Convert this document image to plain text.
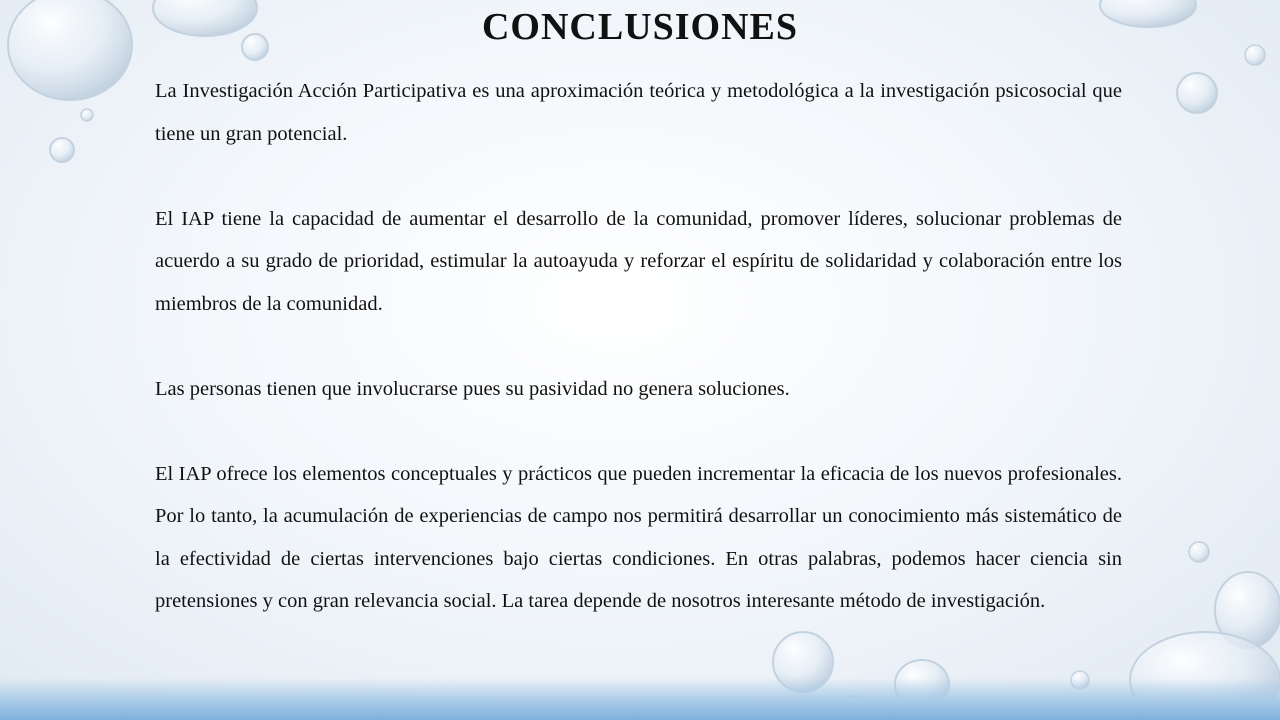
CONCLUSIONES

La Investigación Acción Participativa es una aproximación teórica y metodológica a la investigación psicosocial que tiene un gran potencial.

El IAP tiene la capacidad de aumentar el desarrollo de la comunidad, promover líderes, solucionar problemas de acuerdo a su grado de prioridad, estimular la autoayuda y reforzar el espíritu de solidaridad y colaboración entre los miembros de la comunidad.

Las personas tienen que involucrarse pues su pasividad no genera soluciones.

El IAP ofrece los elementos conceptuales y prácticos que pueden incrementar la eficacia de los nuevos profesionales. Por lo tanto, la acumulación de experiencias de campo nos permitirá desarrollar un conocimiento más sistemático de la efectividad de ciertas intervenciones bajo ciertas condiciones. En otras palabras, podemos hacer ciencia sin pretensiones y con gran relevancia social. La tarea depende de nosotros interesante método de investigación.
